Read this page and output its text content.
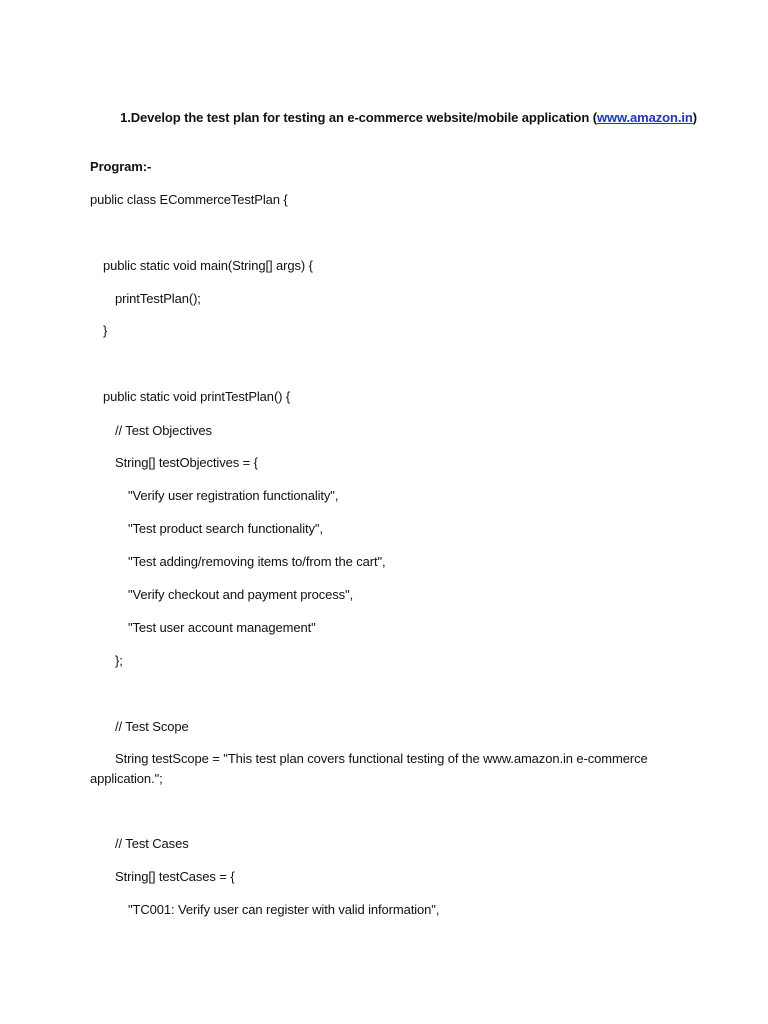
1.Develop the test plan for testing an e-commerce website/mobile application (www.amazon.in)

Program:-
public class ECommerceTestPlan {
public static void main(String[] args) {
printTestPlan();
}
public static void printTestPlan() {
// Test Objectives
String[] testObjectives = {
"Verify user registration functionality",
"Test product search functionality",
"Test adding/removing items to/from the cart",
"Verify checkout and payment process",
"Test user account management"
};
// Test Scope
String testScope = "This test plan covers functional testing of the www.amazon.in e-commerce
application.";
// Test Cases
String[] testCases = {
"TC001: Verify user can register with valid information",
